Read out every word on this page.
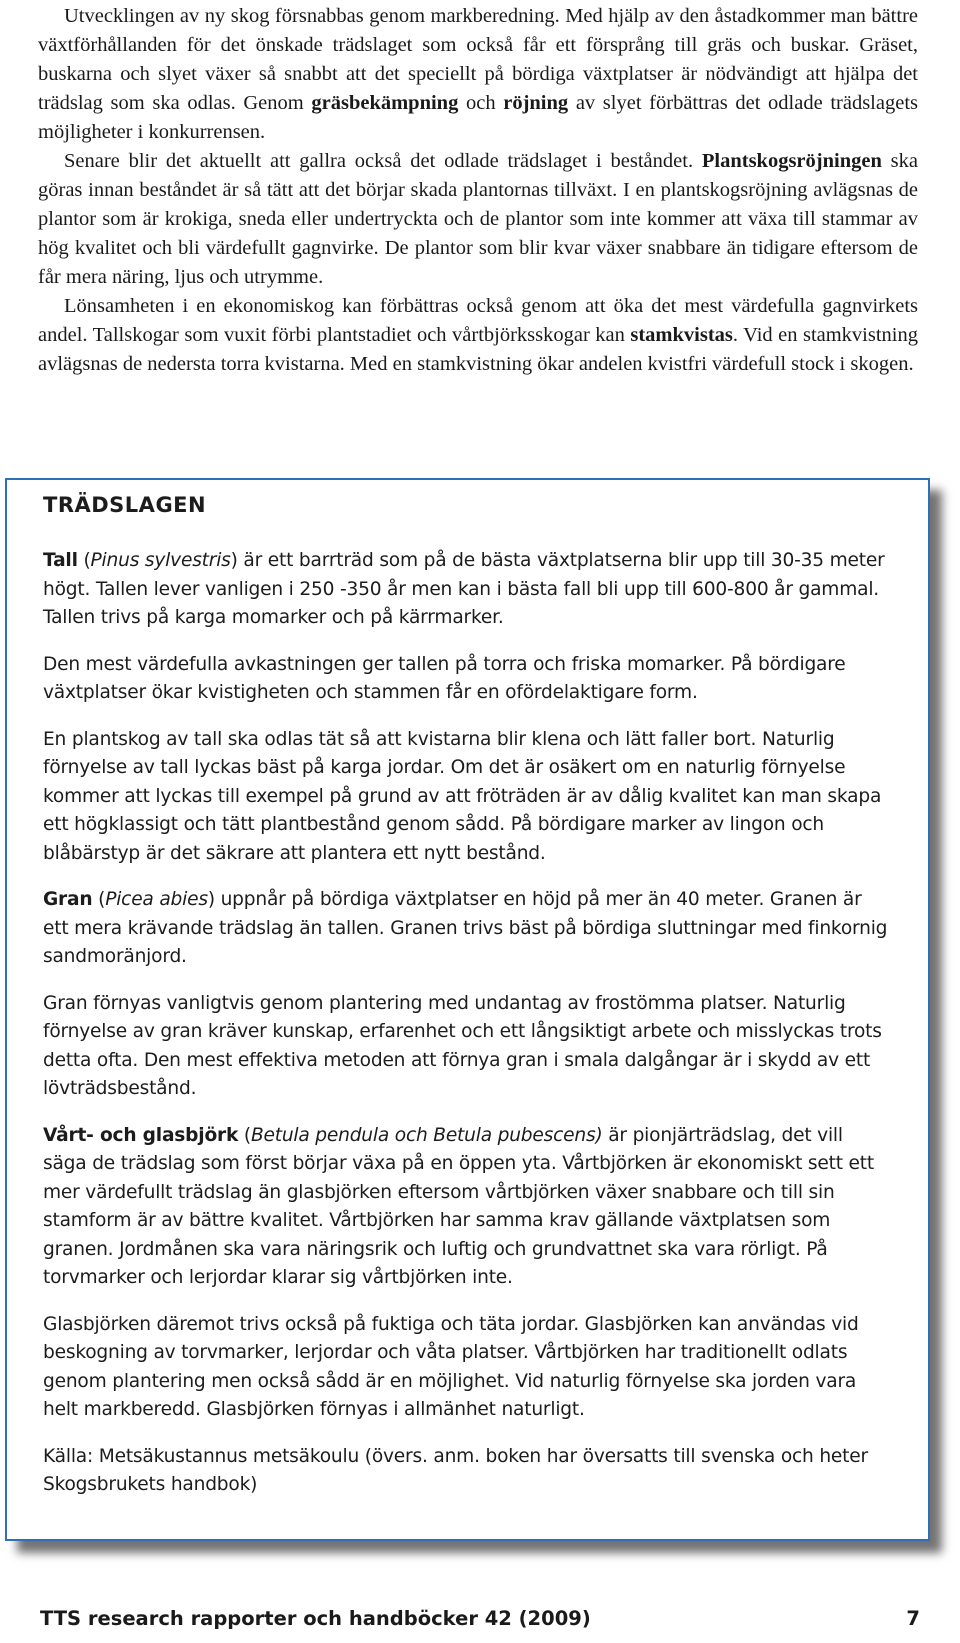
Utvecklingen av ny skog försnabbas genom markberedning. Med hjälp av den åstadkommer man bättre växtförhållanden för det önskade trädslaget som också får ett försprång till gräs och buskar. Gräset, buskarna och slyet växer så snabbt att det speciellt på bördiga växtplatser är nödvändigt att hjälpa det trädslag som ska odlas. Genom gräsbekämpning och röjning av slyet förbättras det odlade trädslagets möjligheter i konkurrensen.

Senare blir det aktuellt att gallra också det odlade trädslaget i beståndet. Plantskogsröjningen ska göras innan beståndet är så tätt att det börjar skada plantornas tillväxt. I en plantskogsröjning avlägsnas de plantor som är krokiga, sneda eller undertryckta och de plantor som inte kommer att växa till stammar av hög kvalitet och bli värdefullt gagnvirke. De plantor som blir kvar växer snabbare än tidigare eftersom de får mera näring, ljus och utrymme.

Lönsamheten i en ekonomiskog kan förbättras också genom att öka det mest värdefulla gagnvirkets andel. Tallskogar som vuxit förbi plantstadiet och vårtbjörksskogar kan stamkvistas. Vid en stamkvistning avlägsnas de nedersta torra kvistarna. Med en stamkvistning ökar andelen kvistfri värdefull stock i skogen.

TRÄDSLAGEN

Tall (Pinus sylvestris) är ett barrträd som på de bästa växtplatserna blir upp till 30-35 meter högt. Tallen lever vanligen i 250 -350 år men kan i bästa fall bli upp till 600-800 år gammal. Tallen trivs på karga momarker och på kärrmarker.

Den mest värdefulla avkastningen ger tallen på torra och friska momarker. På bördigare växtplatser ökar kvistigheten och stammen får en ofördelaktigare form.

En plantskog av tall ska odlas tät så att kvistarna blir klena och lätt faller bort. Naturlig förnyelse av tall lyckas bäst på karga jordar. Om det är osäkert om en naturlig förnyelse kommer att lyckas till exempel på grund av att fröträden är av dålig kvalitet kan man skapa ett högklassigt och tätt plantbestånd genom sådd. På bördigare marker av lingon och blåbärstyp är det säkrare att plantera ett nytt bestånd.

Gran (Picea abies) uppnår på bördiga växtplatser en höjd på mer än 40 meter. Granen är ett mera krävande trädslag än tallen. Granen trivs bäst på bördiga sluttningar med finkornig sandmoränjord.

Gran förnyas vanligtvis genom plantering med undantag av frostömma platser. Naturlig förnyelse av gran kräver kunskap, erfarenhet och ett långsiktigt arbete och misslyckas trots detta ofta. Den mest effektiva metoden att förnya gran i smala dalgångar är i skydd av ett lövträdsbestånd.

Vårt- och glasbjörk (Betula pendula och Betula pubescens) är pionjärträdslag, det vill säga de trädslag som först börjar växa på en öppen yta. Vårtbjörken är ekonomiskt sett ett mer värdefullt trädslag än glasbjörken eftersom vårtbjörken växer snabbare och till sin stamform är av bättre kvalitet. Vårtbjörken har samma krav gällande växtplatsen som granen. Jordmånen ska vara näringsrik och luftig och grundvattnet ska vara rörligt. På torvmarker och lerjordar klarar sig vårtbjörken inte.

Glasbjörken däremot trivs också på fuktiga och täta jordar. Glasbjörken kan användas vid beskogning av torvmarker, lerjordar och våta platser. Vårtbjörken har traditionellt odlats genom plantering men också sådd är en möjlighet. Vid naturlig förnyelse ska jorden vara helt markberedd. Glasbjörken förnyas i allmänhet naturligt.

Källa: Metsäkustannus metsäkoulu (övers. anm. boken har översatts till svenska och heter Skogsbrukets handbok)

TTS research rapporter och handböcker 42 (2009)	7
